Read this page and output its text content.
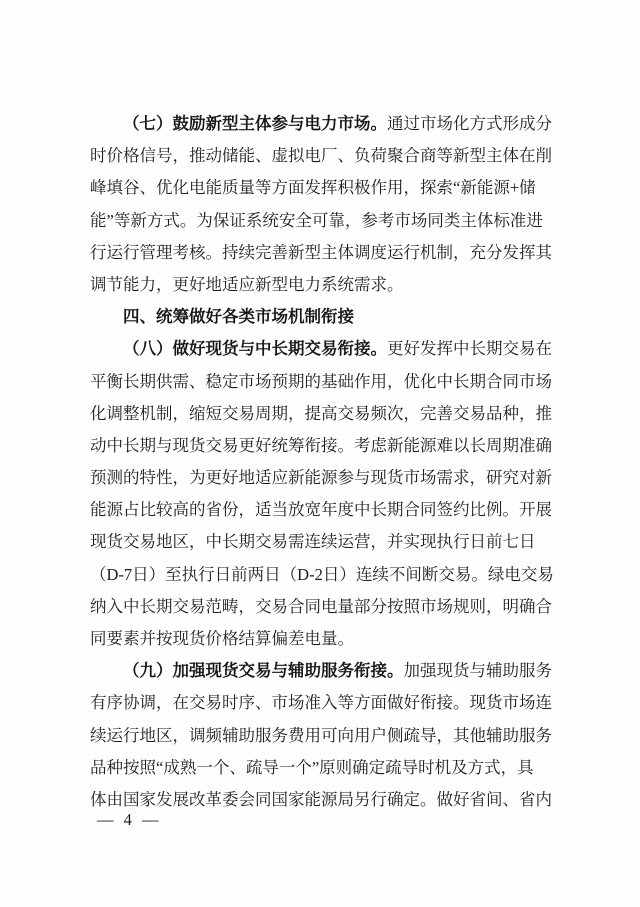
（七）鼓励新型主体参与电力市场。通过市场化方式形成分
时价格信号，推动储能、虚拟电厂、负荷聚合商等新型主体在削
峰填谷、优化电能质量等方面发挥积极作用，探索“新能源+储
能”等新方式。为保证系统安全可靠，参考市场同类主体标准进
行运行管理考核。持续完善新型主体调度运行机制，充分发挥其
调节能力，更好地适应新型电力系统需求。
四、统筹做好各类市场机制衔接
（八）做好现货与中长期交易衔接。更好发挥中长期交易在
平衡长期供需、稳定市场预期的基础作用，优化中长期合同市场
化调整机制，缩短交易周期，提高交易频次，完善交易品种，推
动中长期与现货交易更好统筹衔接。考虑新能源难以长周期准确
预测的特性，为更好地适应新能源参与现货市场需求，研究对新
能源占比较高的省份，适当放宽年度中长期合同签约比例。开展
现货交易地区，中长期交易需连续运营，并实现执行日前七日
（D-7日）至执行日前两日（D-2日）连续不间断交易。绿电交易
纳入中长期交易范畴，交易合同电量部分按照市场规则，明确合
同要素并按现货价格结算偏差电量。
（九）加强现货交易与辅助服务衔接。加强现货与辅助服务
有序协调，在交易时序、市场准入等方面做好衔接。现货市场连
续运行地区，调频辅助服务费用可向用户侧疏导，其他辅助服务
品种按照“成熟一个、疏导一个”原则确定疏导时机及方式，具
体由国家发展改革委会同国家能源局另行确定。做好省间、省内
— 4 —
